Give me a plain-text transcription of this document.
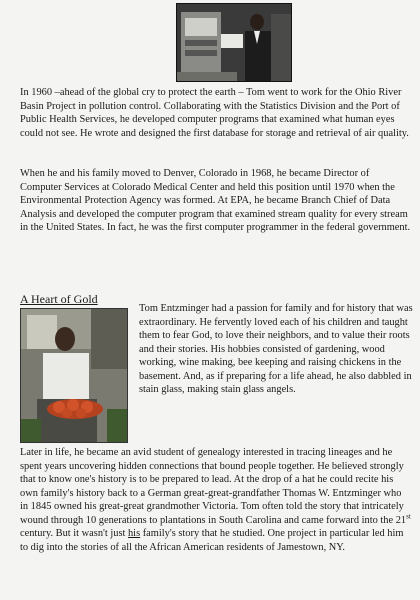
In 1960 –ahead of the global cry to protect the earth – Tom went to work for the Ohio River Basin Project in pollution control. Collaborating with the Statistics Division and the Port of Public Health Services, he developed computer programs that examined what human eyes could not see. He wrote and designed the first database for storage and retrieval of air quality.

When he and his family moved to Denver, Colorado in 1968, he became Director of Computer Services at Colorado Medical Center and held this position until 1970 when the Environmental Protection Agency was formed. At EPA, he became Branch Chief of Data Analysis and developed the computer program that examined stream quality for every stream in the United States. In fact, he was the first computer programmer in the federal government.

A Heart of Gold

Tom Entzminger had a passion for family and for history that was extraordinary. He fervently loved each of his children and taught them to fear God, to love their neighbors, and to value their roots and their stories. His hobbies consisted of gardening, wood working, wine making, bee keeping and raising chickens in the basement. And, as if preparing for a life ahead, he also dabbled in stain glass, making stain glass angels.

Later in life, he became an avid student of genealogy interested in tracing lineages and he spent years uncovering hidden connections that bound people together. He believed strongly that to know one's history is to be prepared to lead. At the drop of a hat he could recite his own family's history back to a German great-great-grandfather Thomas W. Entzminger who in 1845 owned his great-great grandmother Victoria. Tom often told the story that intricately wound through 10 generations to plantations in South Carolina and came forward into the 21st century. But it wasn't just his family's story that he studied. One project in particular led him to dig into the stories of all the African American residents of Jamestown, NY.
